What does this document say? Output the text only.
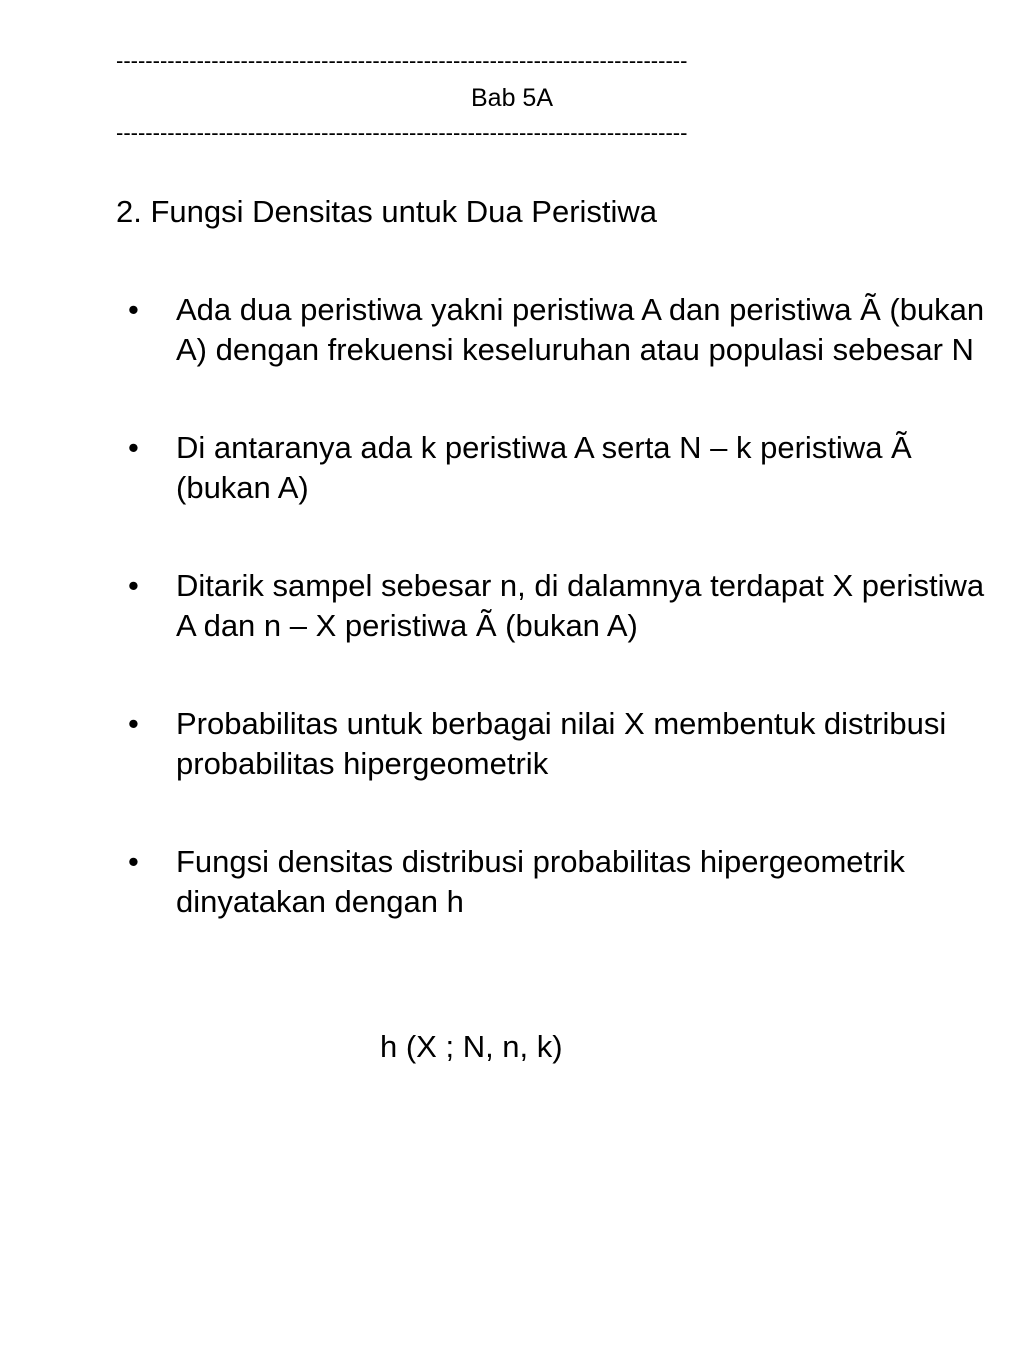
------------------------------------------------------------------------------
Bab 5A
------------------------------------------------------------------------------
2. Fungsi Densitas untuk Dua Peristiwa
•	Ada dua peristiwa yakni peristiwa A dan peristiwa Ã (bukan A) dengan frekuensi keseluruhan atau populasi sebesar N
•	Di antaranya ada k peristiwa A serta N – k peristiwa Ã (bukan A)
•	Ditarik sampel sebesar n, di dalamnya terdapat X peristiwa A dan n – X peristiwa Ã (bukan A)
•	Probabilitas untuk berbagai nilai X membentuk distribusi probabilitas hipergeometrik
•	Fungsi densitas distribusi probabilitas hipergeometrik dinyatakan dengan h
h (X ; N, n, k)
